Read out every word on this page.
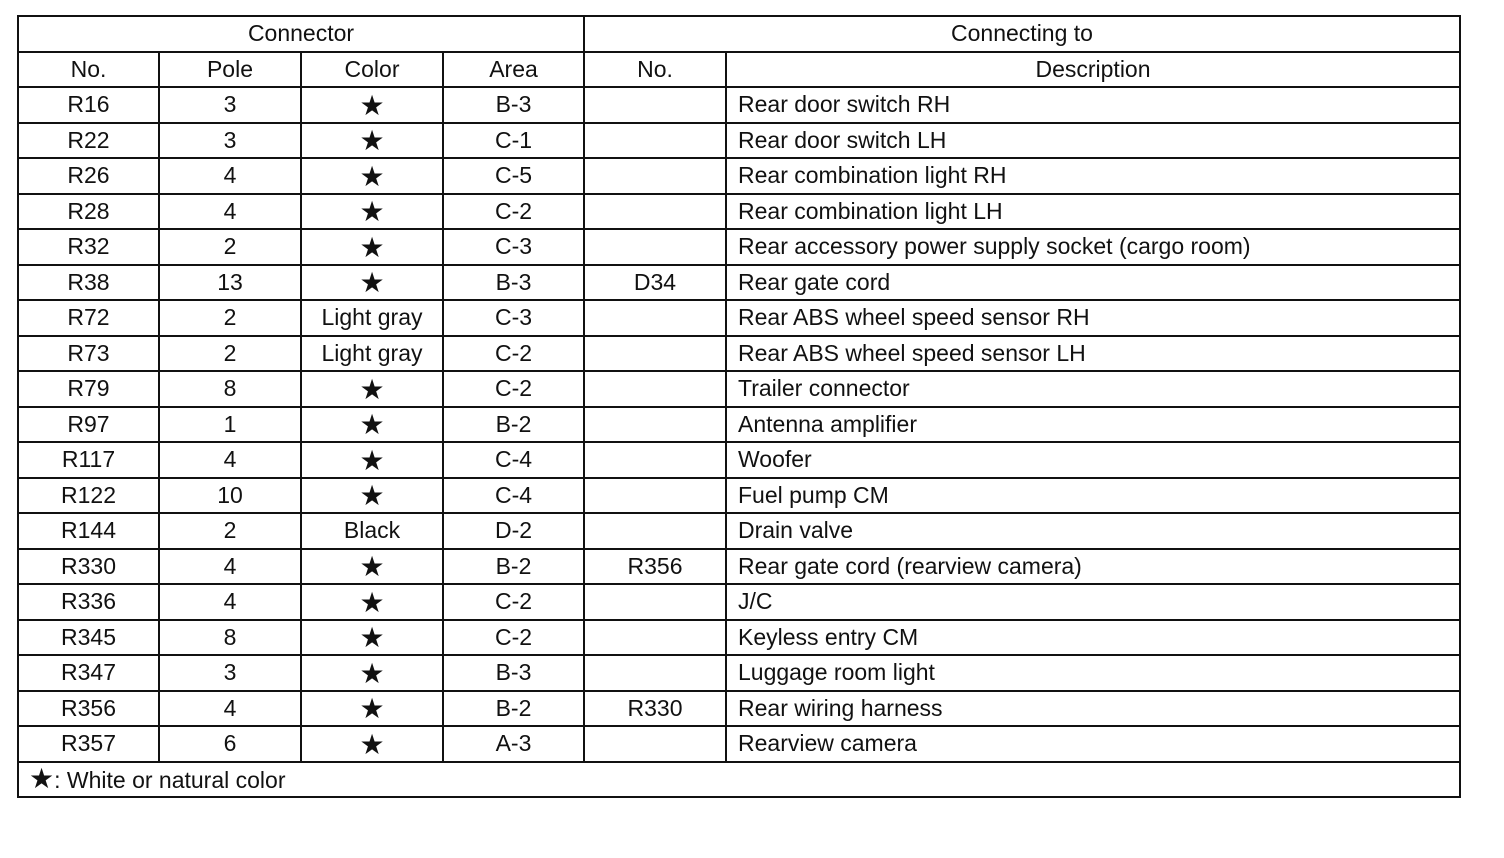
Connector				Connecting to	
No.	Pole	Color	Area	No.	Description
R16	3	★	B-3		Rear door switch RH
R22	3	★	C-1		Rear door switch LH
R26	4	★	C-5		Rear combination light RH
R28	4	★	C-2		Rear combination light LH
R32	2	★	C-3		Rear accessory power supply socket (cargo room)
R38	13	★	B-3	D34	Rear gate cord
R72	2	Light gray	C-3		Rear ABS wheel speed sensor RH
R73	2	Light gray	C-2		Rear ABS wheel speed sensor LH
R79	8	★	C-2		Trailer connector
R97	1	★	B-2		Antenna amplifier
R117	4	★	C-4		Woofer
R122	10	★	C-4		Fuel pump CM
R144	2	Black	D-2		Drain valve
R330	4	★	B-2	R356	Rear gate cord (rearview camera)
R336	4	★	C-2		J/C
R345	8	★	C-2		Keyless entry CM
R347	3	★	B-3		Luggage room light
R356	4	★	B-2	R330	Rear wiring harness
R357	6	★	A-3		Rearview camera
★: White or natural color					
